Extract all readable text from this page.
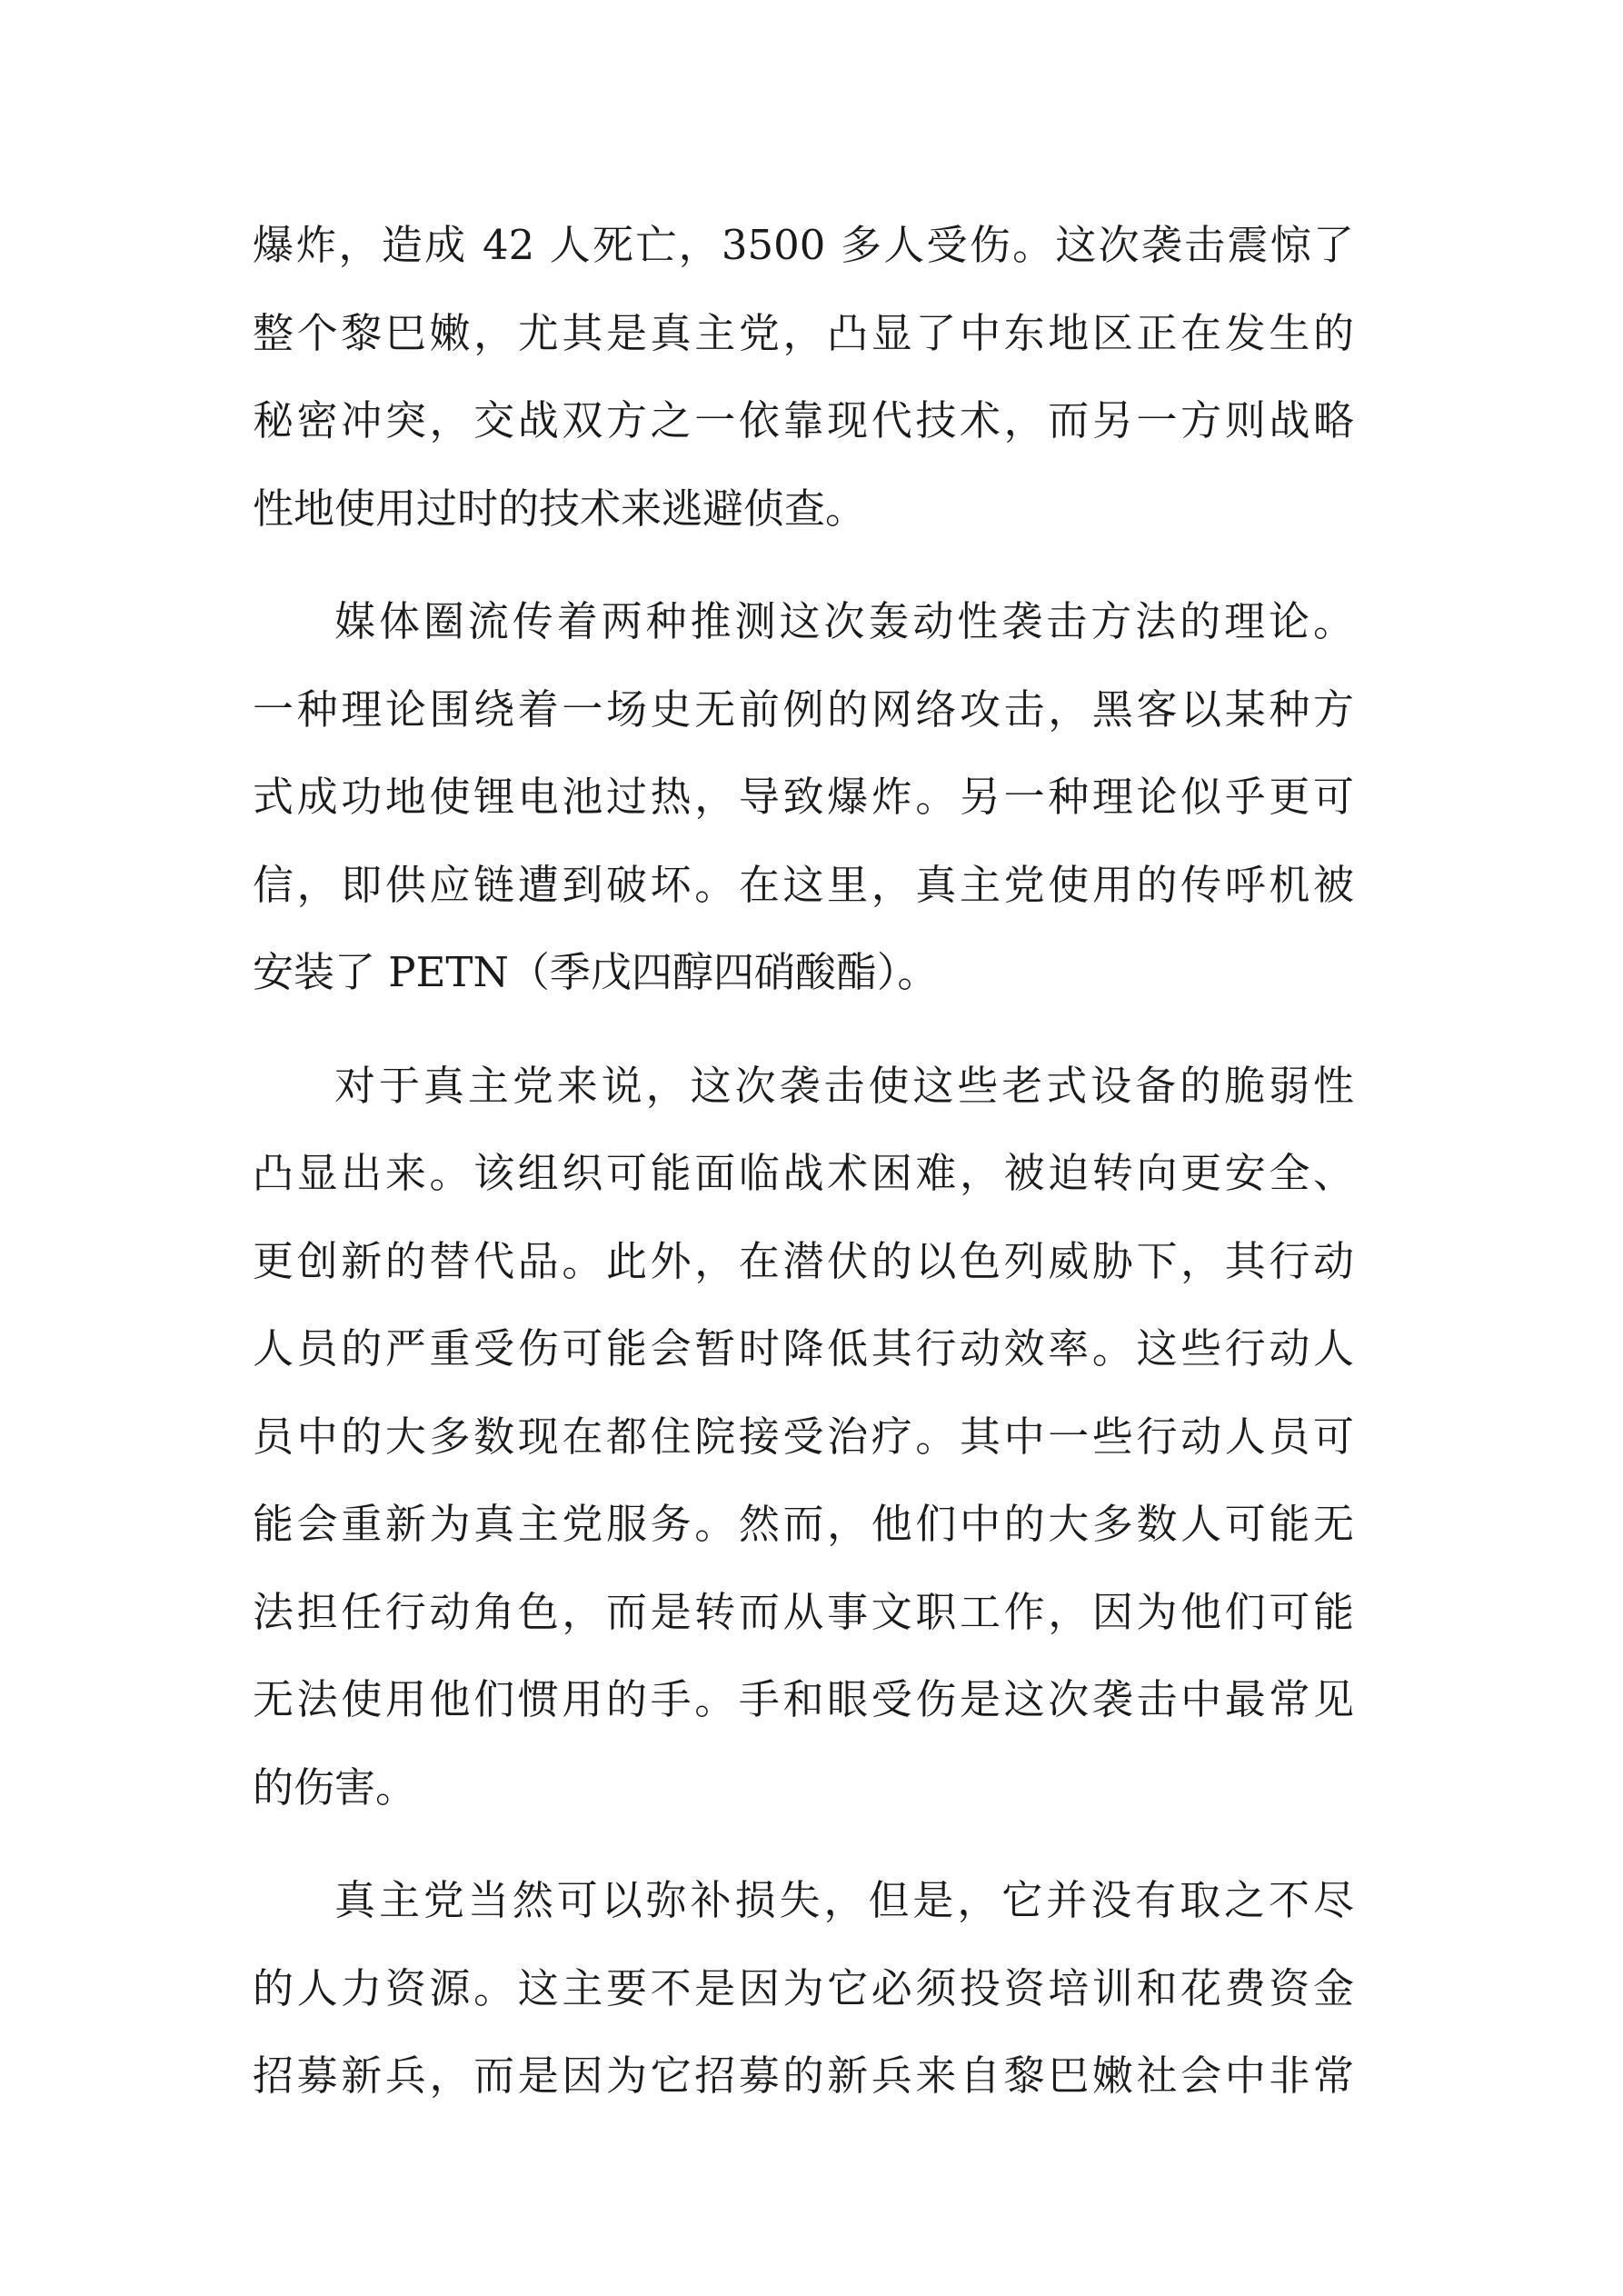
爆炸，造成 42 人死亡，3500 多人受伤。这次袭击震惊了
整个黎巴嫩，尤其是真主党，凸显了中东地区正在发生的
秘密冲突，交战双方之一依靠现代技术，而另一方则战略
性地使用过时的技术来逃避侦查。

媒体圈流传着两种推测这次轰动性袭击方法的理论。
一种理论围绕着一场史无前例的网络攻击，黑客以某种方
式成功地使锂电池过热，导致爆炸。另一种理论似乎更可
信，即供应链遭到破坏。在这里，真主党使用的传呼机被
安装了 PETN（季戊四醇四硝酸酯）。

对于真主党来说，这次袭击使这些老式设备的脆弱性
凸显出来。该组织可能面临战术困难，被迫转向更安全、
更创新的替代品。此外，在潜伏的以色列威胁下，其行动
人员的严重受伤可能会暂时降低其行动效率。这些行动人
员中的大多数现在都住院接受治疗。其中一些行动人员可
能会重新为真主党服务。然而，他们中的大多数人可能无
法担任行动角色，而是转而从事文职工作，因为他们可能
无法使用他们惯用的手。手和眼受伤是这次袭击中最常见
的伤害。

真主党当然可以弥补损失，但是，它并没有取之不尽
的人力资源。这主要不是因为它必须投资培训和花费资金
招募新兵，而是因为它招募的新兵来自黎巴嫩社会中非常
